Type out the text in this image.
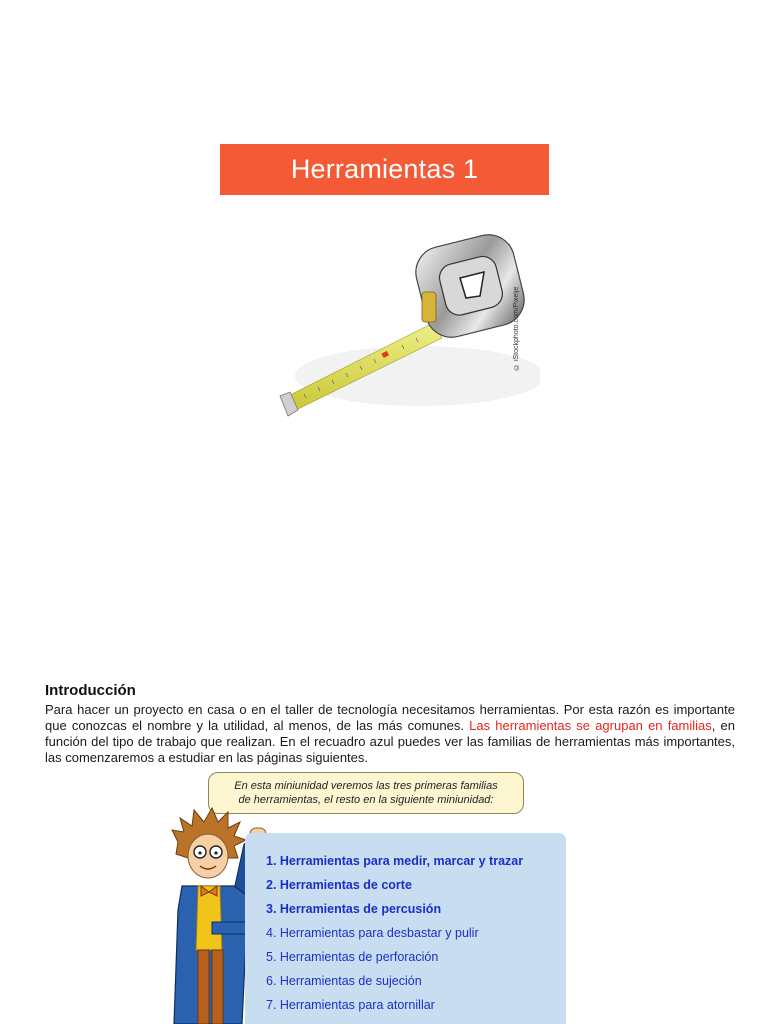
Herramientas 1
© iStockphoto.com/Pixelje
Introducción

Para hacer un proyecto en casa o en el taller de tecnología necesitamos herramientas. Por esta razón es importante que conozcas el nombre y la utilidad, al menos, de las más comunes. Las herramientas se agrupan en familias, en función del tipo de trabajo que realizan. En el recuadro azul puedes ver las familias de herramientas más importantes, las comenzaremos a estudiar en las páginas siguientes.

En esta miniunidad veremos las tres primeras familias
de herramientas, el resto en la siguiente miniunidad:
1. Herramientas para medir, marcar y trazar
2. Herramientas de corte
3. Herramientas de percusión
4. Herramientas para desbastar y pulir
5. Herramientas de perforación
6. Herramientas de sujeción
7. Herramientas para atornillar
